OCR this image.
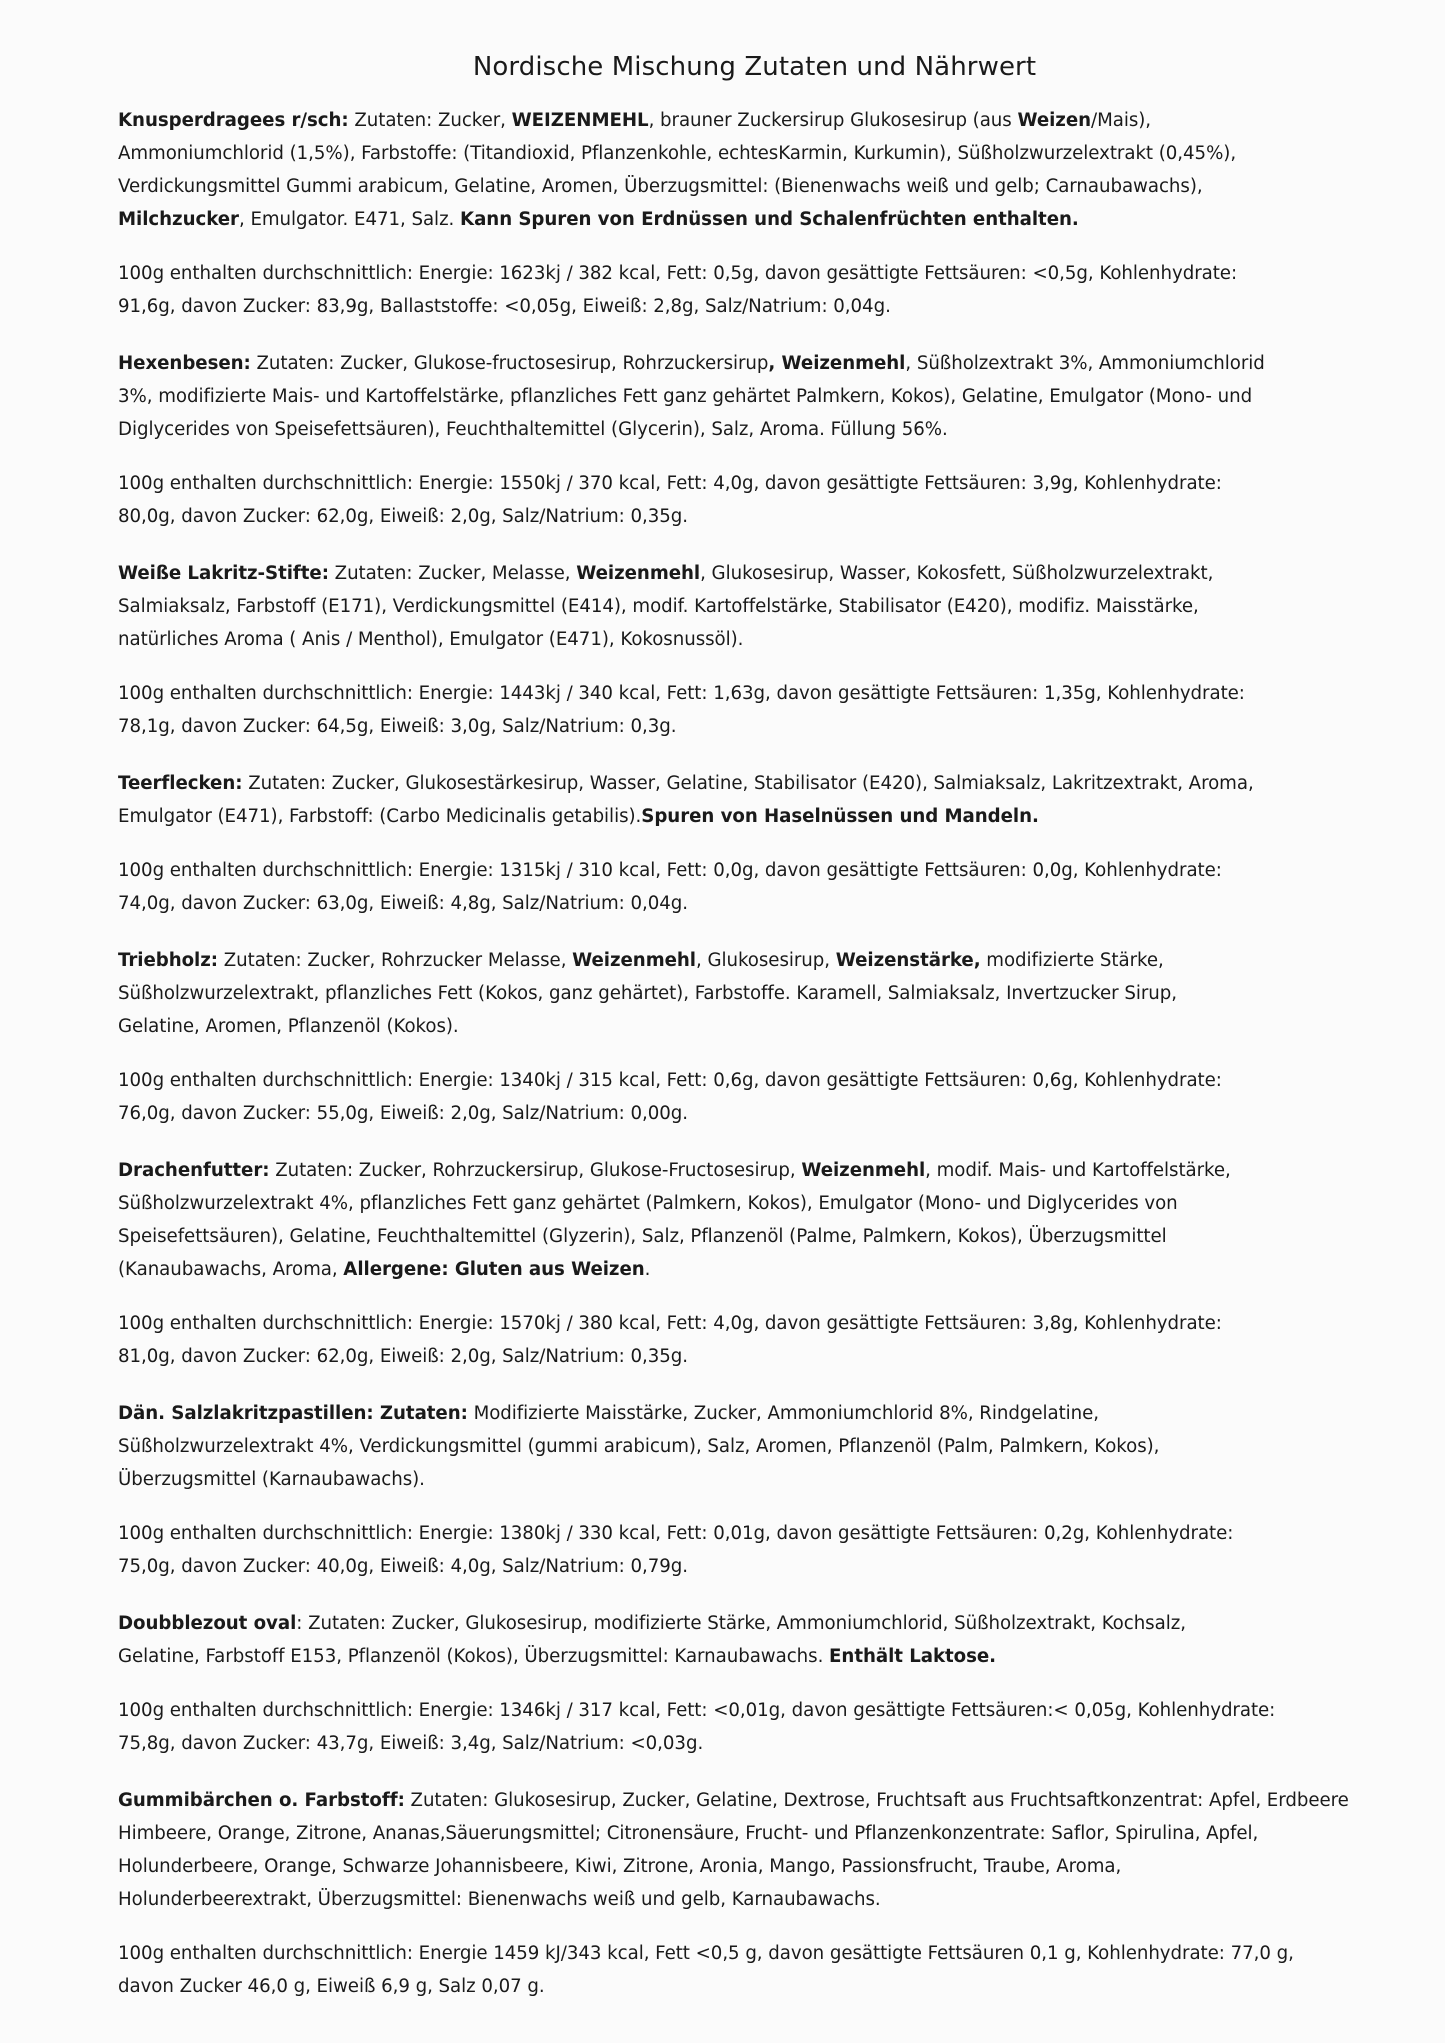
Nordische Mischung Zutaten und Nährwert

Knusperdragees r/sch: Zutaten: Zucker, WEIZENMEHL, brauner Zuckersirup Glukosesirup (aus Weizen/Mais),
Ammoniumchlorid (1,5%), Farbstoffe: (Titandioxid, Pflanzenkohle, echtesKarmin, Kurkumin), Süßholzwurzelextrakt (0,45%),
Verdickungsmittel Gummi arabicum, Gelatine, Aromen, Überzugsmittel: (Bienenwachs weiß und gelb; Carnaubawachs),
Milchzucker, Emulgator. E471, Salz. Kann Spuren von Erdnüssen und Schalenfrüchten enthalten.

100g enthalten durchschnittlich: Energie: 1623kj / 382 kcal, Fett: 0,5g, davon gesättigte Fettsäuren: <0,5g, Kohlenhydrate:
91,6g, davon Zucker: 83,9g, Ballaststoffe: <0,05g, Eiweiß: 2,8g, Salz/Natrium: 0,04g.

Hexenbesen: Zutaten: Zucker, Glukose-fructosesirup, Rohrzuckersirup, Weizenmehl, Süßholzextrakt 3%, Ammoniumchlorid
3%, modifizierte Mais- und Kartoffelstärke, pflanzliches Fett ganz gehärtet Palmkern, Kokos), Gelatine, Emulgator (Mono- und
Diglycerides von Speisefettsäuren), Feuchthaltemittel (Glycerin), Salz, Aroma. Füllung 56%.

100g enthalten durchschnittlich: Energie: 1550kj / 370 kcal, Fett: 4,0g, davon gesättigte Fettsäuren: 3,9g, Kohlenhydrate:
80,0g, davon Zucker: 62,0g, Eiweiß: 2,0g, Salz/Natrium: 0,35g.

Weiße Lakritz-Stifte: Zutaten: Zucker, Melasse, Weizenmehl, Glukosesirup, Wasser, Kokosfett, Süßholzwurzelextrakt,
Salmiaksalz, Farbstoff (E171), Verdickungsmittel (E414), modif. Kartoffelstärke, Stabilisator (E420), modifiz. Maisstärke,
natürliches Aroma ( Anis / Menthol), Emulgator (E471), Kokosnussöl).

100g enthalten durchschnittlich: Energie: 1443kj / 340 kcal, Fett: 1,63g, davon gesättigte Fettsäuren: 1,35g, Kohlenhydrate:
78,1g, davon Zucker: 64,5g, Eiweiß: 3,0g, Salz/Natrium: 0,3g.

Teerflecken: Zutaten: Zucker, Glukosestärkesirup, Wasser, Gelatine, Stabilisator (E420), Salmiaksalz, Lakritzextrakt, Aroma,
Emulgator (E471), Farbstoff: (Carbo Medicinalis getabilis).Spuren von Haselnüssen und Mandeln.

100g enthalten durchschnittlich: Energie: 1315kj / 310 kcal, Fett: 0,0g, davon gesättigte Fettsäuren: 0,0g, Kohlenhydrate:
74,0g, davon Zucker: 63,0g, Eiweiß: 4,8g, Salz/Natrium: 0,04g.

Triebholz: Zutaten: Zucker, Rohrzucker Melasse, Weizenmehl, Glukosesirup, Weizenstärke, modifizierte Stärke,
Süßholzwurzelextrakt, pflanzliches Fett (Kokos, ganz gehärtet), Farbstoffe. Karamell, Salmiaksalz, Invertzucker Sirup,
Gelatine, Aromen, Pflanzenöl (Kokos).

100g enthalten durchschnittlich: Energie: 1340kj / 315 kcal, Fett: 0,6g, davon gesättigte Fettsäuren: 0,6g, Kohlenhydrate:
76,0g, davon Zucker: 55,0g, Eiweiß: 2,0g, Salz/Natrium: 0,00g.

Drachenfutter: Zutaten: Zucker, Rohrzuckersirup, Glukose-Fructosesirup, Weizenmehl, modif. Mais- und Kartoffelstärke,
Süßholzwurzelextrakt 4%, pflanzliches Fett ganz gehärtet (Palmkern, Kokos), Emulgator (Mono- und Diglycerides von
Speisefettsäuren), Gelatine, Feuchthaltemittel (Glyzerin), Salz, Pflanzenöl (Palme, Palmkern, Kokos), Überzugsmittel
(Kanaubawachs, Aroma, Allergene: Gluten aus Weizen.

100g enthalten durchschnittlich: Energie: 1570kj / 380 kcal, Fett: 4,0g, davon gesättigte Fettsäuren: 3,8g, Kohlenhydrate:
81,0g, davon Zucker: 62,0g, Eiweiß: 2,0g, Salz/Natrium: 0,35g.

Dän. Salzlakritzpastillen: Zutaten: Modifizierte Maisstärke, Zucker, Ammoniumchlorid 8%, Rindgelatine,
Süßholzwurzelextrakt 4%, Verdickungsmittel (gummi arabicum), Salz, Aromen, Pflanzenöl (Palm, Palmkern, Kokos),
Überzugsmittel (Karnaubawachs).

100g enthalten durchschnittlich: Energie: 1380kj / 330 kcal, Fett: 0,01g, davon gesättigte Fettsäuren: 0,2g, Kohlenhydrate:
75,0g, davon Zucker: 40,0g, Eiweiß: 4,0g, Salz/Natrium: 0,79g.

Doubblezout oval: Zutaten: Zucker, Glukosesirup, modifizierte Stärke, Ammoniumchlorid, Süßholzextrakt, Kochsalz,
Gelatine, Farbstoff E153, Pflanzenöl (Kokos), Überzugsmittel: Karnaubawachs. Enthält Laktose.

100g enthalten durchschnittlich: Energie: 1346kj / 317 kcal, Fett: <0,01g, davon gesättigte Fettsäuren:< 0,05g, Kohlenhydrate:
75,8g, davon Zucker: 43,7g, Eiweiß: 3,4g, Salz/Natrium: <0,03g.

Gummibärchen o. Farbstoff: Zutaten: Glukosesirup, Zucker, Gelatine, Dextrose, Fruchtsaft aus Fruchtsaftkonzentrat: Apfel, Erdbeere
Himbeere, Orange, Zitrone, Ananas,Säuerungsmittel; Citronensäure, Frucht- und Pflanzenkonzentrate: Saflor, Spirulina, Apfel,
Holunderbeere, Orange, Schwarze Johannisbeere, Kiwi, Zitrone, Aronia, Mango, Passionsfrucht, Traube, Aroma,
Holunderbeerextrakt, Überzugsmittel: Bienenwachs weiß und gelb, Karnaubawachs.

100g enthalten durchschnittlich: Energie 1459 kJ/343 kcal, Fett <0,5 g, davon gesättigte Fettsäuren 0,1 g, Kohlenhydrate: 77,0 g,
davon Zucker 46,0 g, Eiweiß 6,9 g, Salz 0,07 g.
